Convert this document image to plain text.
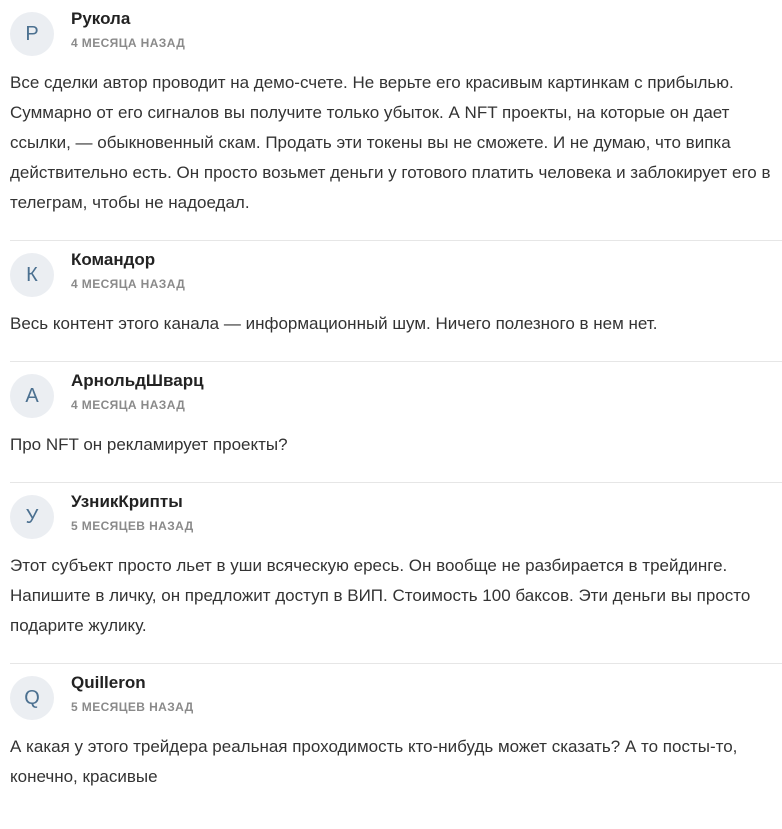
Р
Рукола
4 МЕСЯЦА НАЗАД
Все сделки автор проводит на демо-счете. Не верьте его красивым картинкам с прибылью. Суммарно от его сигналов вы получите только убыток. А NFT проекты, на которые он дает ссылки, — обыкновенный скам. Продать эти токены вы не сможете. И не думаю, что випка действительно есть. Он просто возьмет деньги у готового платить человека и заблокирует его в телеграм, чтобы не надоедал.
К
Командор
4 МЕСЯЦА НАЗАД
Весь контент этого канала — информационный шум. Ничего полезного в нем нет.
А
АрнольдШварц
4 МЕСЯЦА НАЗАД
Про NFT он рекламирует проекты?
У
УзникКрипты
5 МЕСЯЦЕВ НАЗАД
Этот субъект просто льет в уши всяческую ересь. Он вообще не разбирается в трейдинге. Напишите в личку, он предложит доступ в ВИП. Стоимость 100 баксов. Эти деньги вы просто подарите жулику.
Q
Quilleron
5 МЕСЯЦЕВ НАЗАД
А какая у этого трейдера реальная проходимость кто-нибудь может сказать? А то посты-то, конечно, красивые
